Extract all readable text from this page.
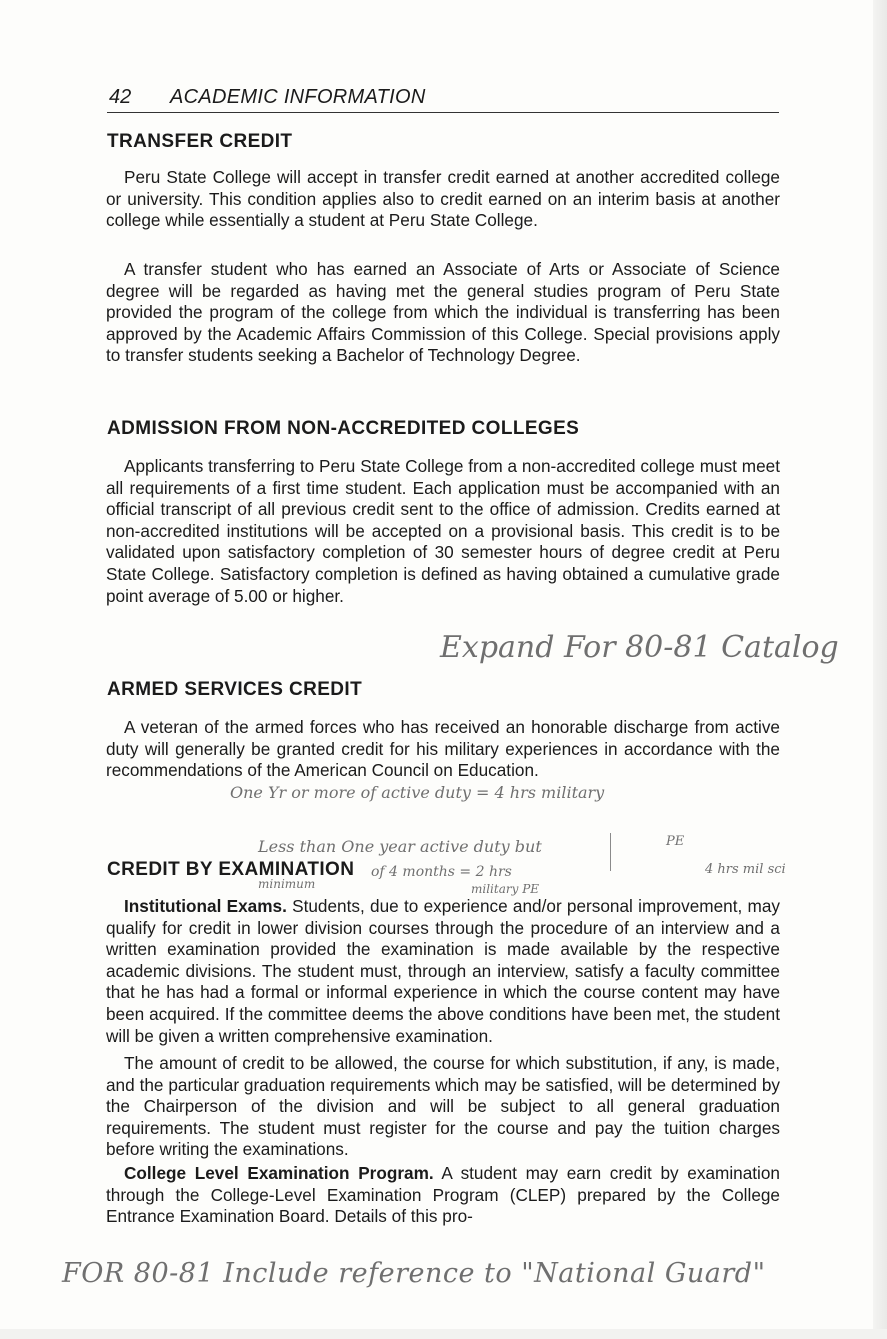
42 ACADEMIC INFORMATION
TRANSFER CREDIT

Peru State College will accept in transfer credit earned at another accredited college or university. This condition applies also to credit earned on an interim basis at another college while essentially a student at Peru State College.

A transfer student who has earned an Associate of Arts or Associate of Science degree will be regarded as having met the general studies program of Peru State provided the program of the college from which the individual is transferring has been approved by the Academic Affairs Commission of this College. Special provisions apply to transfer students seeking a Bachelor of Technology Degree.

ADMISSION FROM NON-ACCREDITED COLLEGES

Applicants transferring to Peru State College from a non-accredited college must meet all requirements of a first time student. Each application must be accompanied with an official transcript of all previous credit sent to the office of admission. Credits earned at non-accredited institutions will be accepted on a provisional basis. This credit is to be validated upon satisfactory completion of 30 semester hours of degree credit at Peru State College. Satisfactory completion is defined as having obtained a cumulative grade point average of 5.00 or higher.

ARMED SERVICES CREDIT

A veteran of the armed forces who has received an honorable discharge from active duty will generally be granted credit for his military experiences in accordance with the recommendations of the American Council on Education.

CREDIT BY EXAMINATION

Institutional Exams. Students, due to experience and/or personal improvement, may qualify for credit in lower division courses through the procedure of an interview and a written examination provided the examination is made available by the respective academic divisions. The student must, through an interview, satisfy a faculty committee that he has had a formal or informal experience in which the course content may have been acquired. If the committee deems the above conditions have been met, the student will be given a written comprehensive examination.

The amount of credit to be allowed, the course for which substitution, if any, is made, and the particular graduation requirements which may be satisfied, will be determined by the Chairperson of the division and will be subject to all general graduation requirements. The student must register for the course and pay the tuition charges before writing the examinations.

College Level Examination Program. A student may earn credit by examination through the College-Level Examination Program (CLEP) prepared by the College Entrance Examination Board. Details of this pro-

Expand For 80-81 Catalog
One Yr or more of active duty = 4 hrs military
Less than One year active duty but	PE
of 4 months = 2 hrs
minimum	military PE
4 hrs mil sci
FOR 80-81 Include reference to "National Guard"
